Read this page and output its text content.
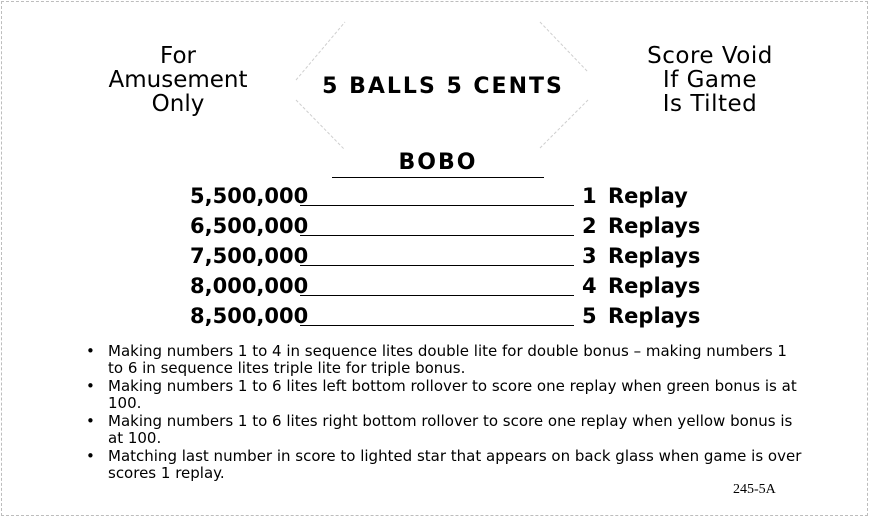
For
Amusement
Only
5 BALLS 5 CENTS
Score Void
If Game
Is Tilted
BOBO
5,500,000	1 Replay
6,500,000	2 Replays
7,500,000	3 Replays
8,000,000	4 Replays
8,500,000	5 Replays
• Making numbers 1 to 4 in sequence lites double lite for double bonus – making numbers 1 to 6 in sequence lites triple lite for triple bonus.
• Making numbers 1 to 6 lites left bottom rollover to score one replay when green bonus is at 100.
• Making numbers 1 to 6 lites right bottom rollover to score one replay when yellow bonus is at 100.
• Matching last number in score to lighted star that appears on back glass when game is over scores 1 replay.
245-5A
